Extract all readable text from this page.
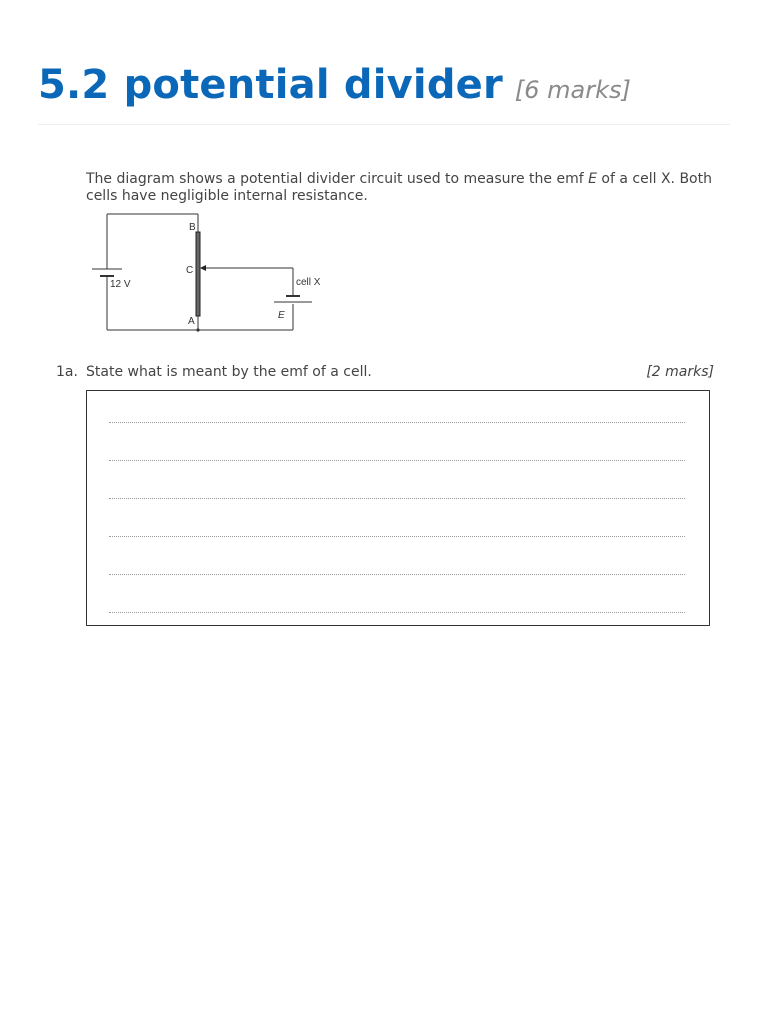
5.2 potential divider [6 marks]
The diagram shows a potential divider circuit used to measure the emf E of a cell X. Both cells have negligible internal resistance.
B
C
A
12 V	cell X
E
1a. State what is meant by the emf of a cell.	[2 marks]
